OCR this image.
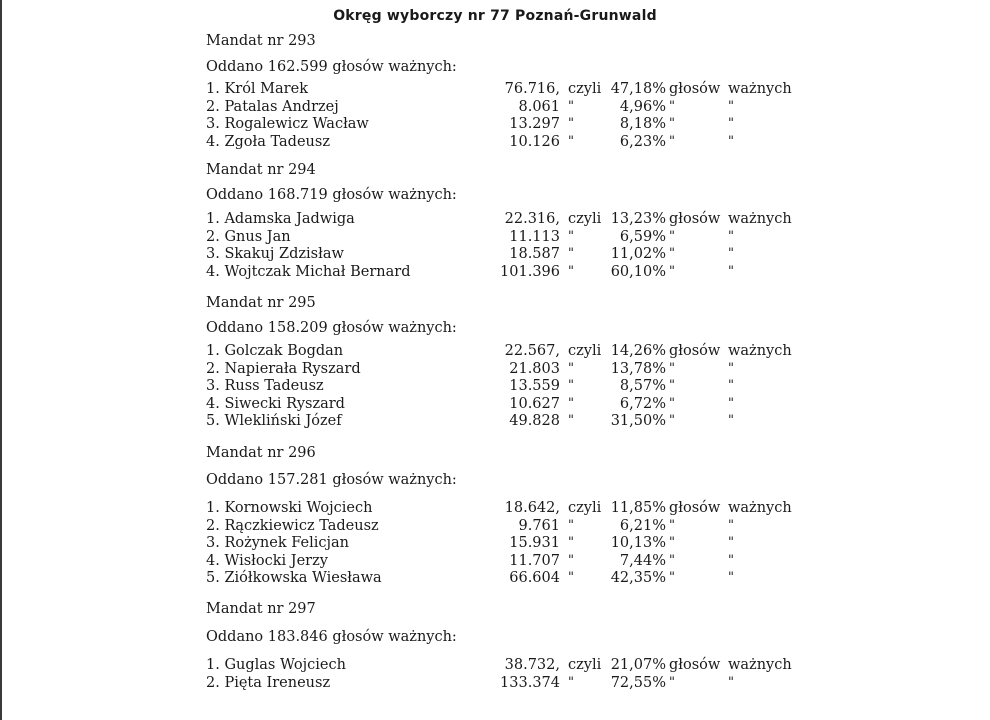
Okręg wyborczy nr 77 Poznań-Grunwald
Mandat nr 293
Oddano 162.599 głosów ważnych:
1. Król Marek	76.716, czyli 47,18% głosów ważnych
2. Patalas Andrzej	8.061 "	4,96% "	"
3. Rogalewicz Wacław	13.297 "	8,18% "	"
4. Zgoła Tadeusz	10.126 "	6,23% "	"
Mandat nr 294
Oddano 168.719 głosów ważnych:
1. Adamska Jadwiga	22.316, czyli 13,23% głosów ważnych
2. Gnus Jan	11.113 "	6,59% "	"
3. Skakuj Zdzisław	18.587 "	11,02% "	"
4. Wojtczak Michał Bernard	101.396 "	60,10% "	"
Mandat nr 295
Oddano 158.209 głosów ważnych:
1. Golczak Bogdan	22.567, czyli 14,26% głosów ważnych
2. Napierała Ryszard	21.803 "	13,78% "	"
3. Russ Tadeusz	13.559 "	8,57% "	"
4. Siwecki Ryszard	10.627 "	6,72% "	"
5. Wlekliński Józef	49.828 "	31,50% "	"
Mandat nr 296
Oddano 157.281 głosów ważnych:
1. Kornowski Wojciech	18.642, czyli 11,85% głosów ważnych
2. Rączkiewicz Tadeusz	9.761 "	6,21% "	"
3. Rożynek Felicjan	15.931 "	10,13% "	"
4. Wisłocki Jerzy	11.707 "	7,44% "	"
5. Ziółkowska Wiesława	66.604 "	42,35% "	"
Mandat nr 297
Oddano 183.846 głosów ważnych:
1. Guglas Wojciech	38.732, czyli 21,07% głosów ważnych
2. Pięta Ireneusz	133.374 "	72,55% "	"
